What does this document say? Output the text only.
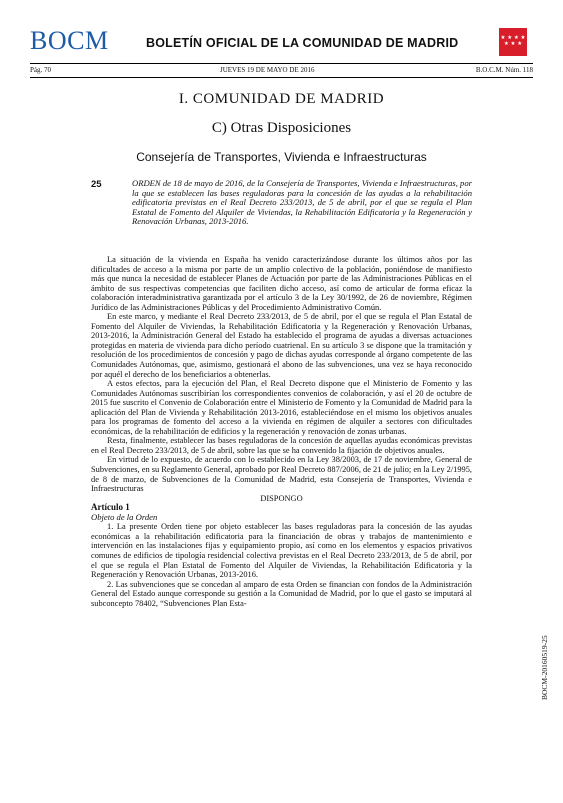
BOCM	BOLETÍN OFICIAL DE LA COMUNIDAD DE MADRID	★ ★ ★ ★
★ ★ ★
Pág. 70	JUEVES 19 DE MAYO DE 2016	B.O.C.M. Núm. 118
I. COMUNIDAD DE MADRID
C) Otras Disposiciones
Consejería de Transportes, Vivienda e Infraestructuras
25	ORDEN de 18 de mayo de 2016, de la Consejería de Transportes, Vivienda e Infraestructuras, por la que se establecen las bases reguladoras para la concesión de las ayudas a la rehabilitación edificatoria previstas en el Real Decreto 233/2013, de 5 de abril, por el que se regula el Plan Estatal de Fomento del Alquiler de Viviendas, la Rehabilitación Edificatoria y la Regeneración y Renovación Urbanas, 2013-2016.

La situación de la vivienda en España ha venido caracterizándose durante los últimos años por las dificultades de acceso a la misma por parte de un amplio colectivo de la población, poniéndose de manifiesto más que nunca la necesidad de establecer Planes de Actuación por parte de las Administraciones Públicas en el ámbito de sus respectivas competencias que faciliten dicho acceso, así como de articular de forma eficaz la colaboración interadministrativa garantizada por el artículo 3 de la Ley 30/1992, de 26 de noviembre, Régimen Jurídico de las Administraciones Públicas y del Procedimiento Administrativo Común.

En este marco, y mediante el Real Decreto 233/2013, de 5 de abril, por el que se regula el Plan Estatal de Fomento del Alquiler de Viviendas, la Rehabilitación Edificatoria y la Regeneración y Renovación Urbanas, 2013-2016, la Administración General del Estado ha establecido el programa de ayudas a diversas actuaciones protegidas en materia de vivienda para dicho período cuatrienal. En su artículo 3 se dispone que la tramitación y resolución de los procedimientos de concesión y pago de dichas ayudas corresponde al órgano competente de las Comunidades Autónomas, que, asimismo, gestionará el abono de las subvenciones, una vez se haya reconocido por aquél el derecho de los beneficiarios a obtenerlas.

A estos efectos, para la ejecución del Plan, el Real Decreto dispone que el Ministerio de Fomento y las Comunidades Autónomas suscribirían los correspondientes convenios de colaboración, y así el 20 de octubre de 2015 fue suscrito el Convenio de Colaboración entre el Ministerio de Fomento y la Comunidad de Madrid para la aplicación del Plan de Vivienda y Rehabilitación 2013-2016, estableciéndose en el mismo los objetivos anuales para los programas de fomento del acceso a la vivienda en régimen de alquiler a sectores con dificultades económicas, de la rehabilitación de edificios y la regeneración y renovación de zonas urbanas.

Resta, finalmente, establecer las bases reguladoras de la concesión de aquellas ayudas económicas previstas en el Real Decreto 233/2013, de 5 de abril, sobre las que se ha convenido la fijación de objetivos anuales.

En virtud de lo expuesto, de acuerdo con lo establecido en la Ley 38/2003, de 17 de noviembre, General de Subvenciones, en su Reglamento General, aprobado por Real Decreto 887/2006, de 21 de julio; en la Ley 2/1995, de 8 de marzo, de Subvenciones de la Comunidad de Madrid, esta Consejería de Transportes, Vivienda e Infraestructuras

DISPONGO

Artículo 1

Objeto de la Orden

1. La presente Orden tiene por objeto establecer las bases reguladoras para la concesión de las ayudas económicas a la rehabilitación edificatoria para la financiación de obras y trabajos de mantenimiento e intervención en las instalaciones fijas y equipamiento propio, así como en los elementos y espacios privativos comunes de edificios de tipología residencial colectiva previstas en el Real Decreto 233/2013, de 5 de abril, por el que se regula el Plan Estatal de Fomento del Alquiler de Viviendas, la Rehabilitación Edificatoria y la Regeneración y Renovación Urbanas, 2013-2016.

2. Las subvenciones que se concedan al amparo de esta Orden se financian con fondos de la Administración General del Estado aunque corresponde su gestión a la Comunidad de Madrid, por lo que el gasto se imputará al subconcepto 78402, “Subvenciones Plan Esta-

BOCM-20160519-25
